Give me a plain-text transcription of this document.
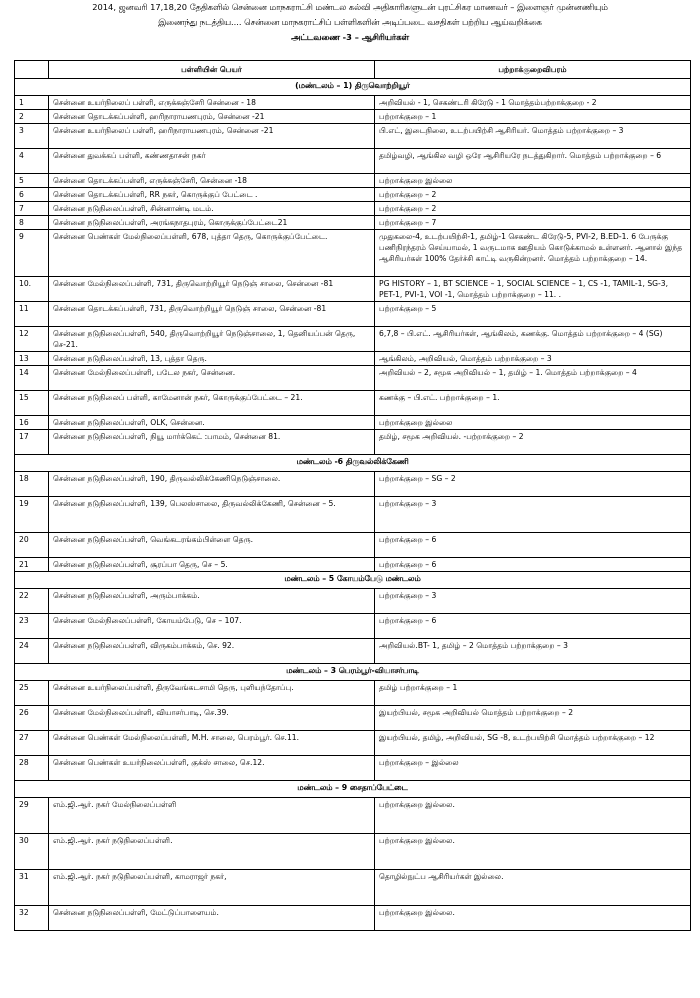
2014, ஜனவரி 17,18,20 தேதிகளில் சென்னை மாநகராட்சி மண்டல கல்வி அதிகாரிகளுடன் புரட்சிகர மாணவர் – இளைஞர் முன்னணியும்
இணைந்து நடத்திய.... சென்னை மாநகராட்சிப் பள்ளிகளின் அடிப்படை வசதிகள் பற்றிய ஆய்வறிக்கை
அட்டவணை -3 – ஆசிரியர்கள்
	பள்ளியின் பெயர்	பற்றாக்குறைவிபரம்
(மண்டலம் – 1) திருவொற்றியூர்		
1	சென்னை உயர்நிலைப் பள்ளி, எருக்கஞ்சேரி சென்னை - 18	அறிவியல் - 1, செகண்டரி கிரேடு - 1 மொத்தம்பற்றாக்குறை - 2
2	சென்னை தொடக்கப்பள்ளி, ஹரிநாராயணபுரம், சென்னை -21	பற்றாக்குறை – 1
3	சென்னை உயர்நிலைப் பள்ளி, ஹரிநாராயணபுரம், சென்னை -21	பி.எட், இடைநிலை, உடற்பயிற்சி ஆசிரியர். மொத்தம் பற்றாக்குறை – 3
4	சென்னை துவக்கப் பள்ளி, கண்ணதாசன் நகர்	தமிழ்வழி, ஆங்கில வழி ஒரே ஆசிரியரே நடத்துகிறார். மொத்தம் பற்றாக்குறை – 6
5	சென்னை தொடக்கப்பள்ளி, எருக்கஞ்சேரி, சென்னை -18	பற்றாக்குறை இல்லை
6	சென்னை தொடக்கப்பள்ளி, RR நகர், கொருக்குப் பேட்டை .	பற்றாக்குறை – 2
7	சென்னை நடுநிலைப்பள்ளி, சின்னாண்டி மடம்.	பற்றாக்குறை – 2
8	சென்னை நடுநிலைப்பள்ளி, அரங்கநாதபுரம், கொருக்குப்பேட்டை21	பற்றாக்குறை – 7
9	சென்னை பெண்கள் மேல்நிலைப்பள்ளி, 678, புத்தா தெரு, கொருக்குப்பேட்டை.	முதுகலை-4, உடற்பயிற்சி-1, தமிழ்-1 செகண்ட கிரேடு-5, PVI-2, B.ED-1. 6 பேருக்கு பணிநிரந்தரம் செய்யாமல், 1 வருடமாக ஊதியம் கொடுக்காமல் உள்ளனர். ஆனால் இந்த ஆசிரியர்கள் 100% தேர்ச்சி காட்டி வருகின்றனர். மொத்தம் பற்றாக்குறை – 14.
10.	சென்னை மேல்நிலைப்பள்ளி, 731, திருவொற்றியூர் நெடுஞ் சாலை, சென்னை -81	PG HISTORY – 1, BT SCIENCE – 1, SOCIAL SCIENCE – 1, CS -1, TAMIL-1, SG-3, PET-1, PVI-1, VOI -1, மொத்தம் பற்றாக்குறை – 11. .
11	சென்னை தொடக்கப்பள்ளி, 731, திருவொற்றியூர் நெடுஞ் சாலை, சென்னை -81	பற்றாக்குறை – 5
12	சென்னை நடுநிலைப்பள்ளி, 540, திருவொற்றியூர் நெடுஞ்சாலை, 1, தெனியப்பன் தெரு, செ-21.	6,7,8 – பி.எட். ஆசிரியர்கள், ஆங்கிலம், கணக்கு. மொத்தம் பற்றாக்குறை – 4 (SG)
13	சென்னை நடுநிலைப்பள்ளி, 13, புத்தா தெரு.	ஆங்கிலம், அறிவியல், மொத்தம் பற்றாக்குறை – 3
14	சென்னை மேல்நிலைப்பள்ளி, படேல நகர், சென்னை.	அறிவியல் – 2, சமூக அறிவியல் – 1, தமிழ் – 1. மொத்தம் பற்றாக்குறை – 4
15	சென்னை நடுநிலைப் பள்ளி, காமேனான் நகர், கொருக்குப்பேட்டை – 21.	கணக்கு – பி.எட். பற்றாக்குறை – 1.
16	சென்னை நடுநிலைப்பள்ளி, OLK, சென்னை.	பற்றாக்குறை இல்லை
17	சென்னை நடுநிலைப்பள்ளி, நியூ மார்க்கெட் :பாமம், சென்னை 81.	தமிழ், சமூக அறிவியல். -பற்றாக்குறை – 2
மண்டலம் -6 திருவல்லிக்கேணி		
18	சென்னை நடுநிலைப்பள்ளி, 190, திருவல்லிக்கேணிநெடுஞ்சாலை.	பற்றாக்குறை – SG – 2
19	சென்னை நடுநிலைப்பள்ளி, 139, பெலஸ்சாலை, திருவல்லிக்கேணி, சென்னை – 5.	பற்றாக்குறை – 3
20	சென்னை நடுநிலைப்பள்ளி, வெங்கடரங்கம்பிள்ளை தெரு.	பற்றாக்குறை – 6
21	சென்னை நடுநிலைப்பள்ளி, சூரப்பா தெரு, செ – 5.	பற்றாக்குறை – 6
மண்டலம் – 5 கோயம்பேடு மண்டலம்		
22	சென்னை நடுநிலைப்பள்ளி, அரும்பாக்கம்.	பற்றாக்குறை – 3
23	சென்னை மேல்நிலைப்பள்ளி, கோயம்பேடு, செ – 107.	பற்றாக்குறை – 6
24	சென்னை நடுநிலைப்பள்ளி, விருகம்பாக்கம், செ. 92.	அறிவியல்.BT- 1, தமிழ் – 2 மொத்தம் பற்றாக்குறை – 3
மண்டலம் – 3 பெரம்பூர்-வியாசர்பாடி		
25	சென்னை உயர்நிலைப்பள்ளி, திருவேங்கடசாமி தெரு, புளியந்தோப்பு.	தமிழ் பற்றாக்குறை – 1
26	சென்னை மேல்நிலைப்பள்ளி, வியாசர்பாடி, செ.39.	இயற்பியல், சமூக அறிவியல் மொத்தம் பற்றாக்குறை – 2
27	சென்னை பெண்கள் மேல்நிலைப்பள்ளி, M.H. சாலை, பெரம்பூர். செ.11.	இயற்பியல், தமிழ், அறிவியல், SG -8, உடற்பயிற்சி மொத்தம் பற்றாக்குறை – 12
28	சென்னை பெண்கள் உயர்நிலைப்பள்ளி, குக்ஸ் சாலை, செ.12.	பற்றாக்குறை – இல்லை
மண்டலம் – 9 சைதாப்பேட்டை		
29	எம்.ஜி.ஆர். நகர் மேல்நிலைப்பள்ளி	பற்றாக்குறை இல்லை.
30	எம்.ஜி.ஆர். நகர் நடுநிலைப்பள்ளி.	பற்றாக்குறை இல்லை.
31	எம்.ஜி.ஆர். நகர் நடுநிலைப்பள்ளி, காமராஜர் நகர்,	தொழில்நுட்ப ஆசிரியர்கள் இல்லை.
32	சென்னை நடுநிலைப்பள்ளி, மேட்டுப்பாளையம்.	பற்றாக்குறை இல்லை.
